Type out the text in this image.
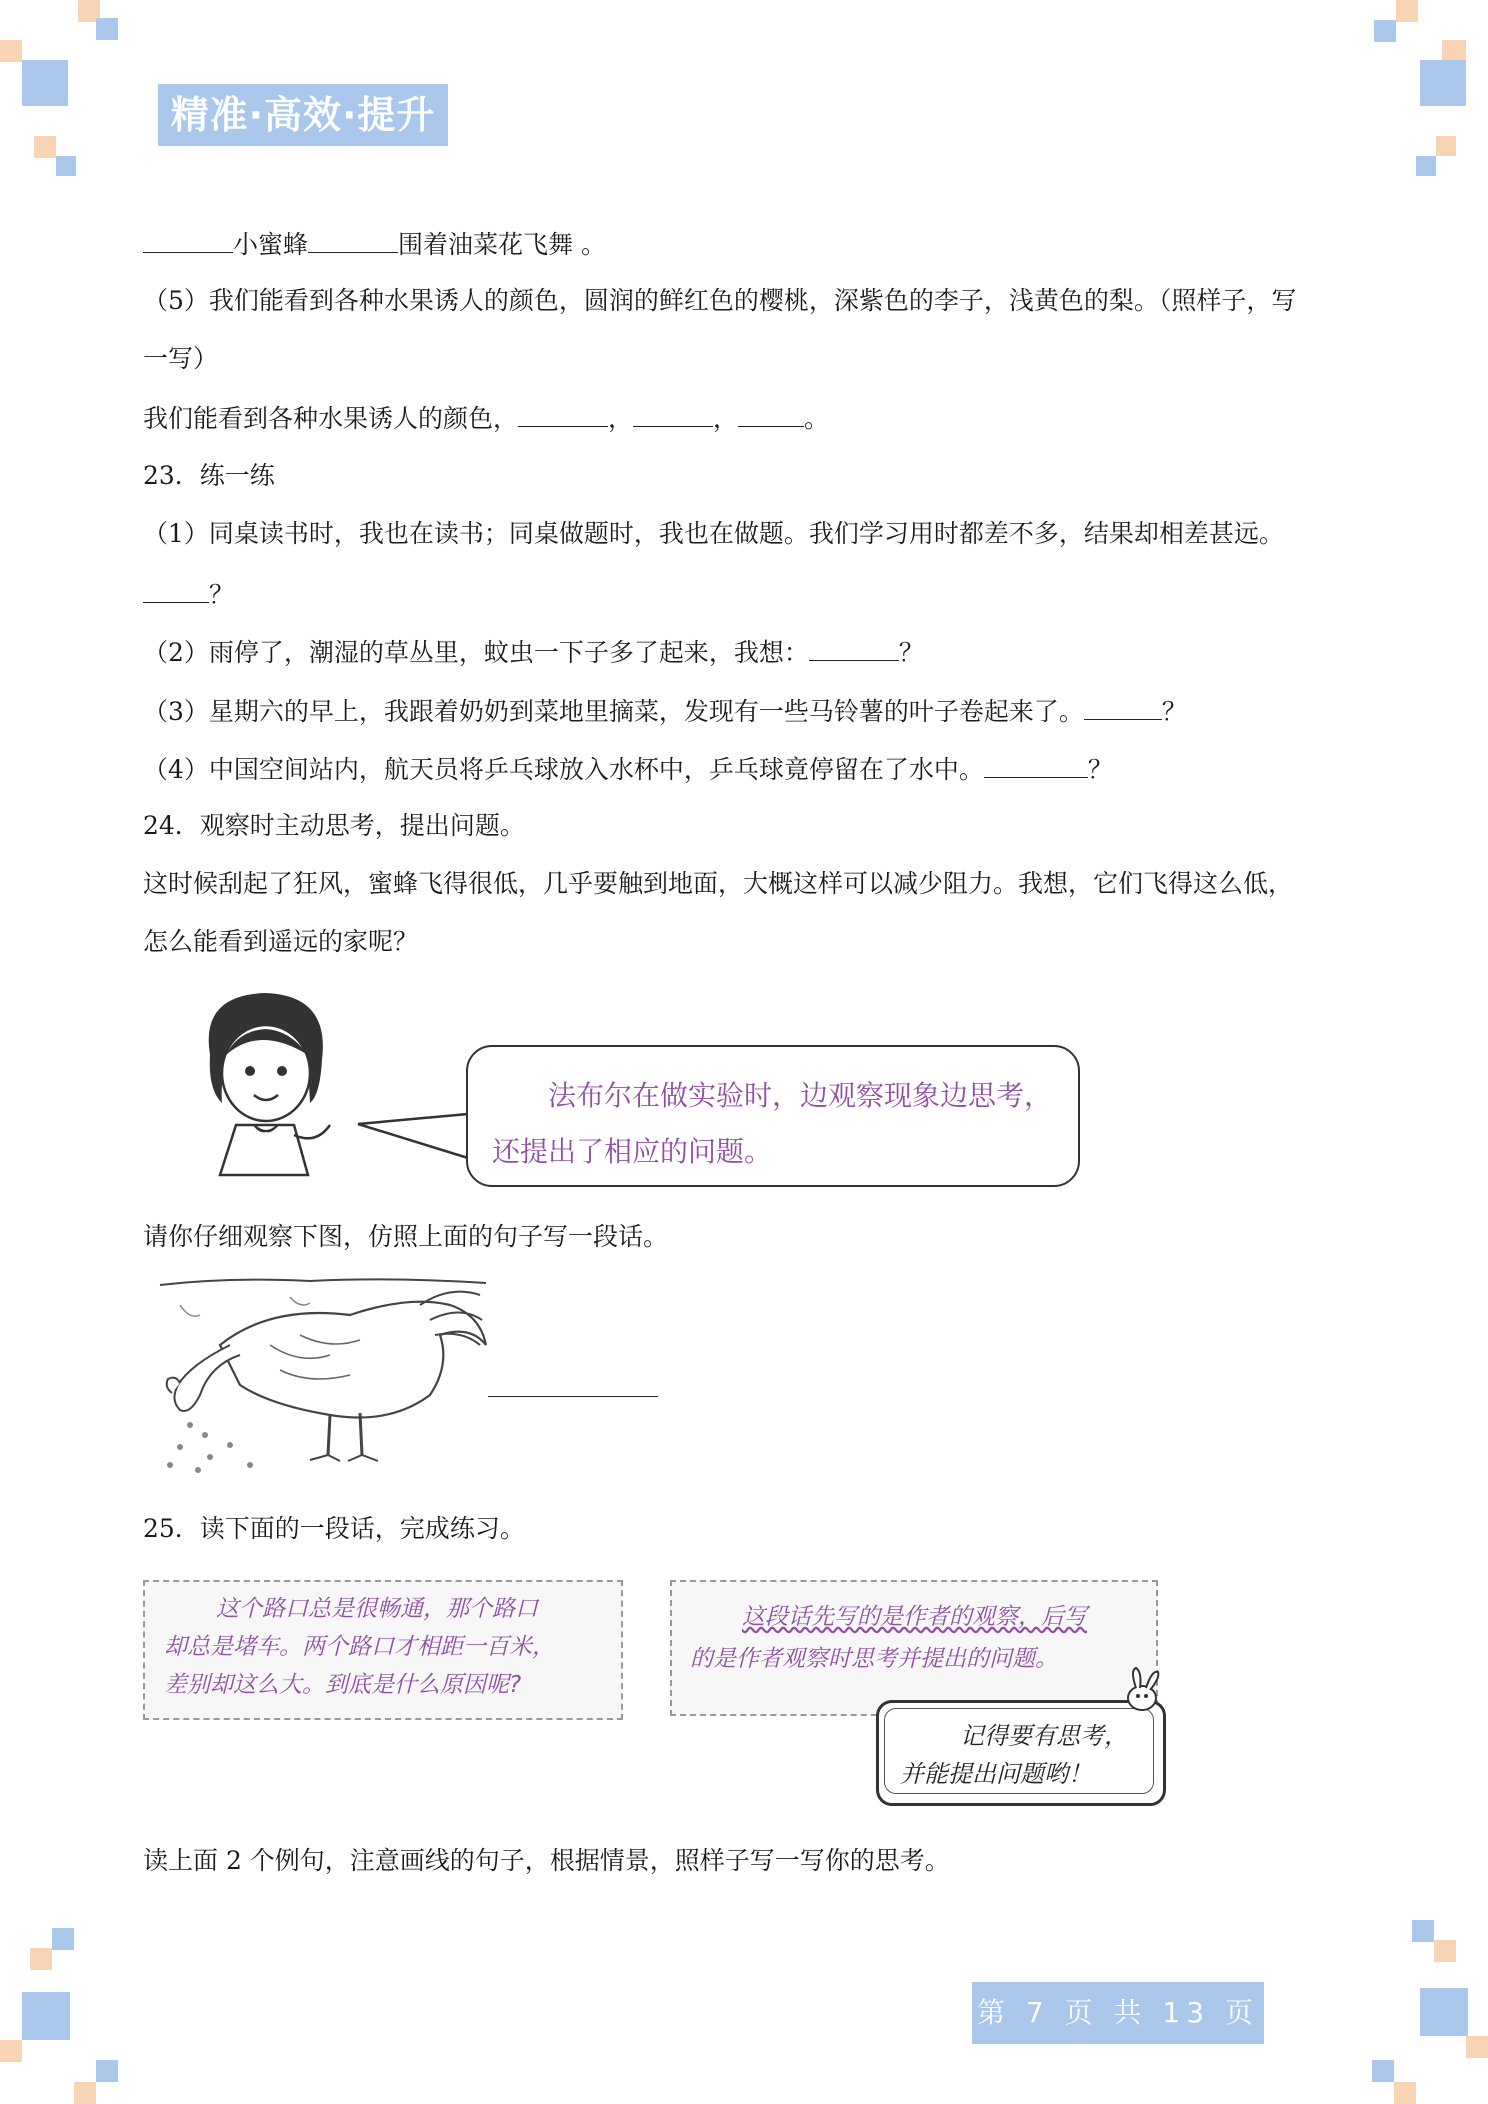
精准·高效·提升
小蜜蜂	围着油菜花飞舞 。
（5）我们能看到各种水果诱人的颜色，圆润的鲜红色的樱桃，深紫色的李子，浅黄色的梨。（照样子，写
一写）
我们能看到各种水果诱人的颜色，	，	，	。
23．练一练
（1）同桌读书时，我也在读书；同桌做题时，我也在做题。我们学习用时都差不多，结果却相差甚远。
？
（2）雨停了，潮湿的草丛里，蚊虫一下子多了起来，我想：	？
（3）星期六的早上，我跟着奶奶到菜地里摘菜，发现有一些马铃薯的叶子卷起来了。	？
（4）中国空间站内，航天员将乒乓球放入水杯中，乒乓球竟停留在了水中。	？
24．观察时主动思考，提出问题。
这时候刮起了狂风，蜜蜂飞得很低，几乎要触到地面，大概这样可以减少阻力。我想，它们飞得这么低，
怎么能看到遥远的家呢？
法布尔在做实验时，边观察现象边思考，
还提出了相应的问题。
请你仔细观察下图，仿照上面的句子写一段话。
25．读下面的一段话，完成练习。
这个路口总是很畅通，那个路口
却总是堵车。两个路口才相距一百米，
差别却这么大。到底是什么原因呢?
这段话先写的是作者的观察，后写
的是作者观察时思考并提出的问题。
记得要有思考，
并能提出问题哟！
读上面 2 个例句，注意画线的句子，根据情景，照样子写一写你的思考。
第 7 页 共 13 页
